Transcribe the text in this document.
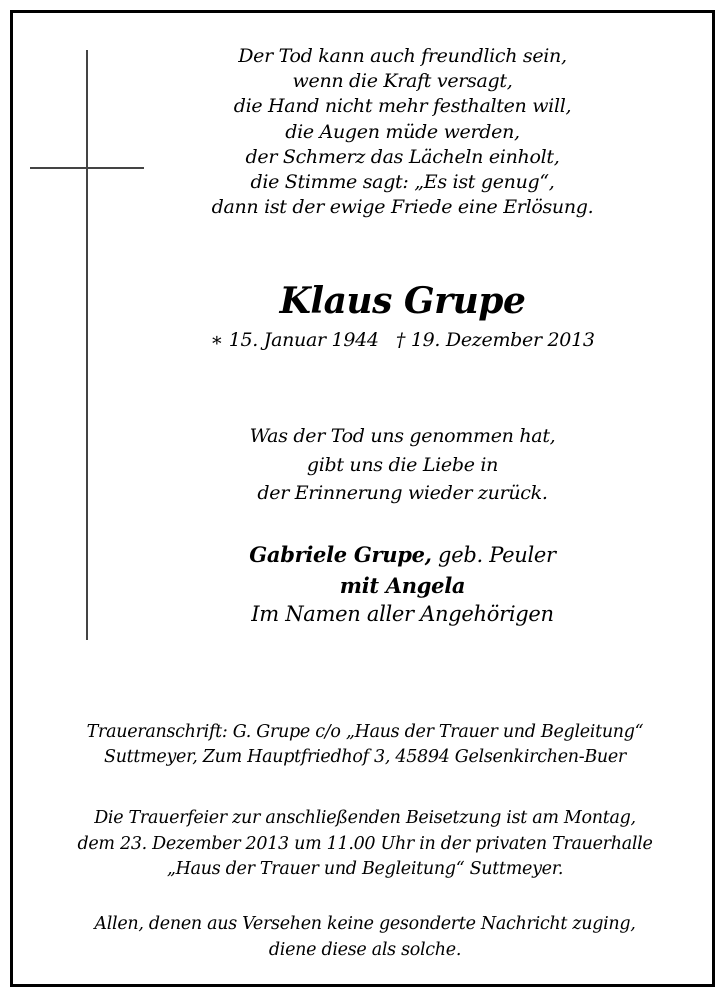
Der Tod kann auch freundlich sein,
wenn die Kraft versagt,
die Hand nicht mehr festhalten will,
die Augen müde werden,
der Schmerz das Lächeln einholt,
die Stimme sagt: „Es ist genug“,
dann ist der ewige Friede eine Erlösung.
Klaus Grupe
∗ 15. Januar 1944 † 19. Dezember 2013
Was der Tod uns genommen hat,
gibt uns die Liebe in
der Erinnerung wieder zurück.
Gabriele Grupe, geb. Peuler
mit Angela
Im Namen aller Angehörigen
Traueranschrift: G. Grupe c/o „Haus der Trauer und Begleitung“
Suttmeyer, Zum Hauptfriedhof 3, 45894 Gelsenkirchen-Buer
Die Trauerfeier zur anschließenden Beisetzung ist am Montag,
dem 23. Dezember 2013 um 11.00 Uhr in der privaten Trauerhalle
„Haus der Trauer und Begleitung“ Suttmeyer.
Allen, denen aus Versehen keine gesonderte Nachricht zuging,
diene diese als solche.
